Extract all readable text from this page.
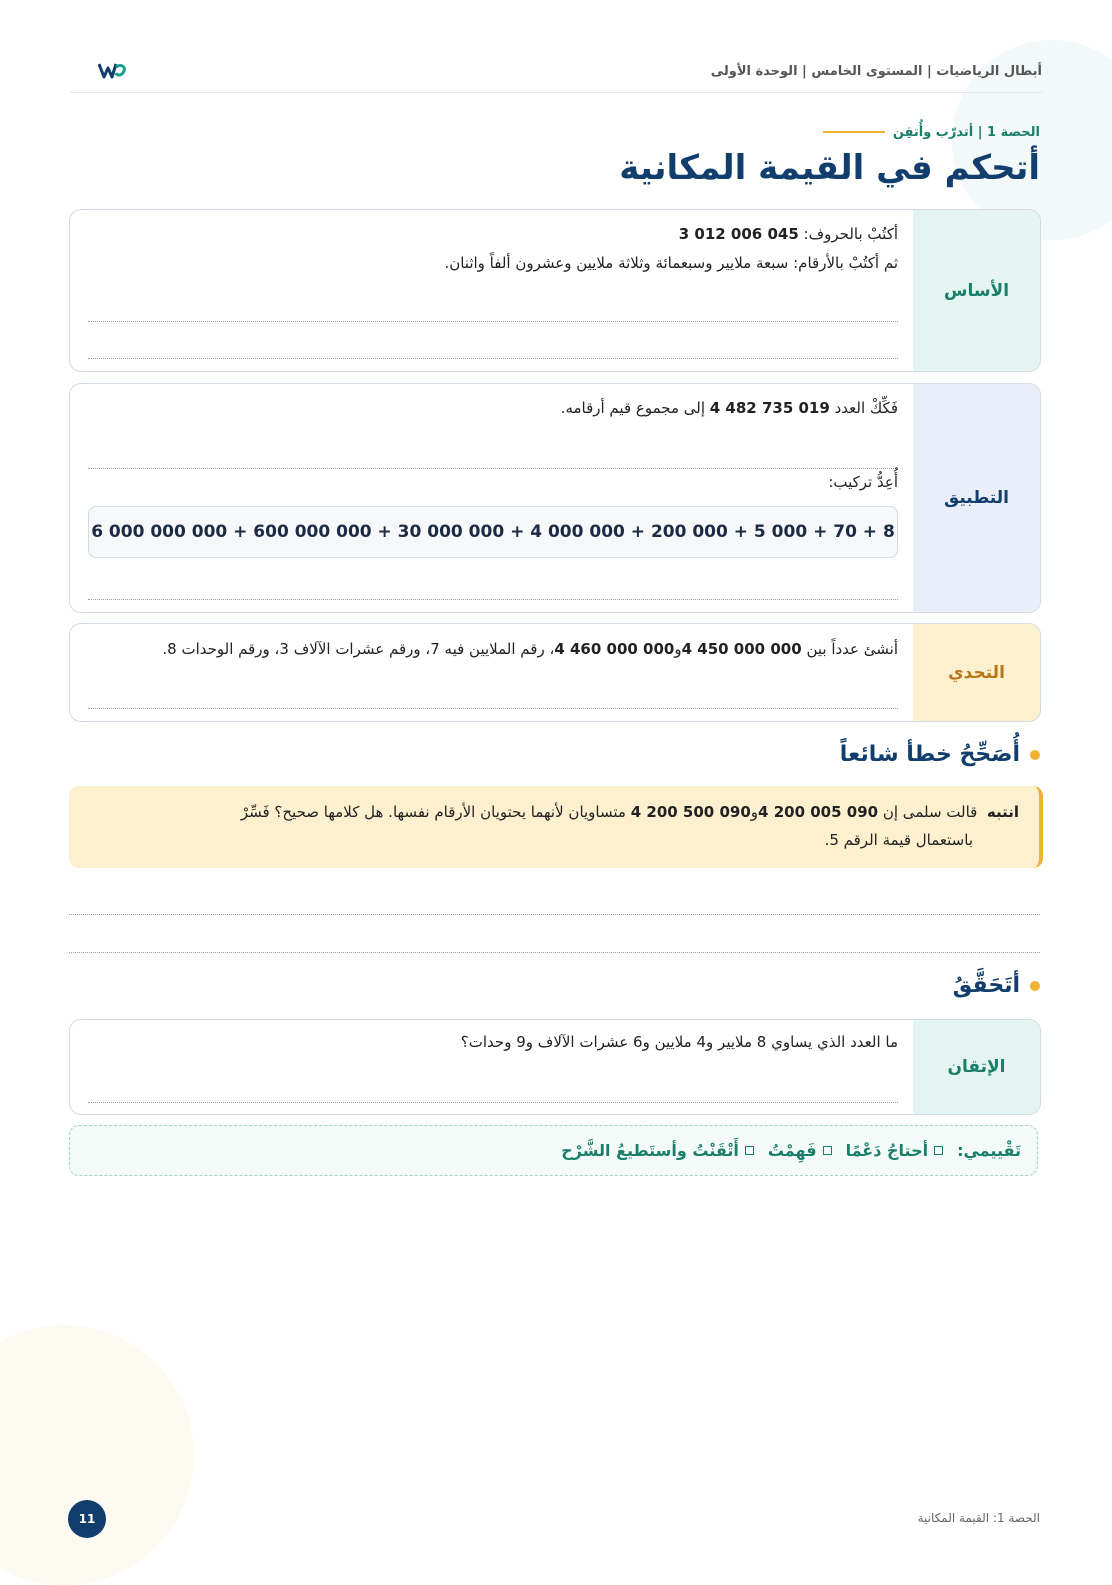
أبطال الرياضيات | المستوى الخامس | الوحدة الأولى
الحصة 1 | أتدرّب وأُتقِن
أتحكم في القيمة المكانية
الأساس
أكتُبْ بالحروف: 3 012 006 045
ثم أكتُبْ بالأرقام: سبعة ملايير وسبعمائة وثلاثة ملايين وعشرون ألفاً واثنان.
التطبيق
فَكِّكْ العدد 4 482 735 019 إلى مجموع قيم أرقامه.
أُعِدُّ تركيب:
6 000 000 000 + 600 000 000 + 30 000 000 + 4 000 000 + 200 000 + 5 000 + 70 + 8
التحدي
أنشئ عدداً بين 4 450 000 000و4 460 000 000، رقم الملايين فيه 7، ورقم عشرات الآلاف 3، ورقم الوحدات 8.
أُصَحِّحُ خطأ شائعاً
انتبه  قالت سلمى إن 4 200 005 090و4 200 500 090 متساويان لأنهما يحتويان الأرقام نفسها. هل كلامها صحيح؟ فَسِّرْ
باستعمال قيمة الرقم 5.
أتَحَقَّقُ
الإتقان
ما العدد الذي يساوي 8 ملايير و4 ملايين و6 عشرات الآلاف و9 وحدات؟
تَقْييمي:
أحتاجُ دَعْمًا
فَهِمْتُ
أَتْقَنْتُ وأستَطيعُ الشَّرْح
الحصة 1: القيمة المكانية
11
